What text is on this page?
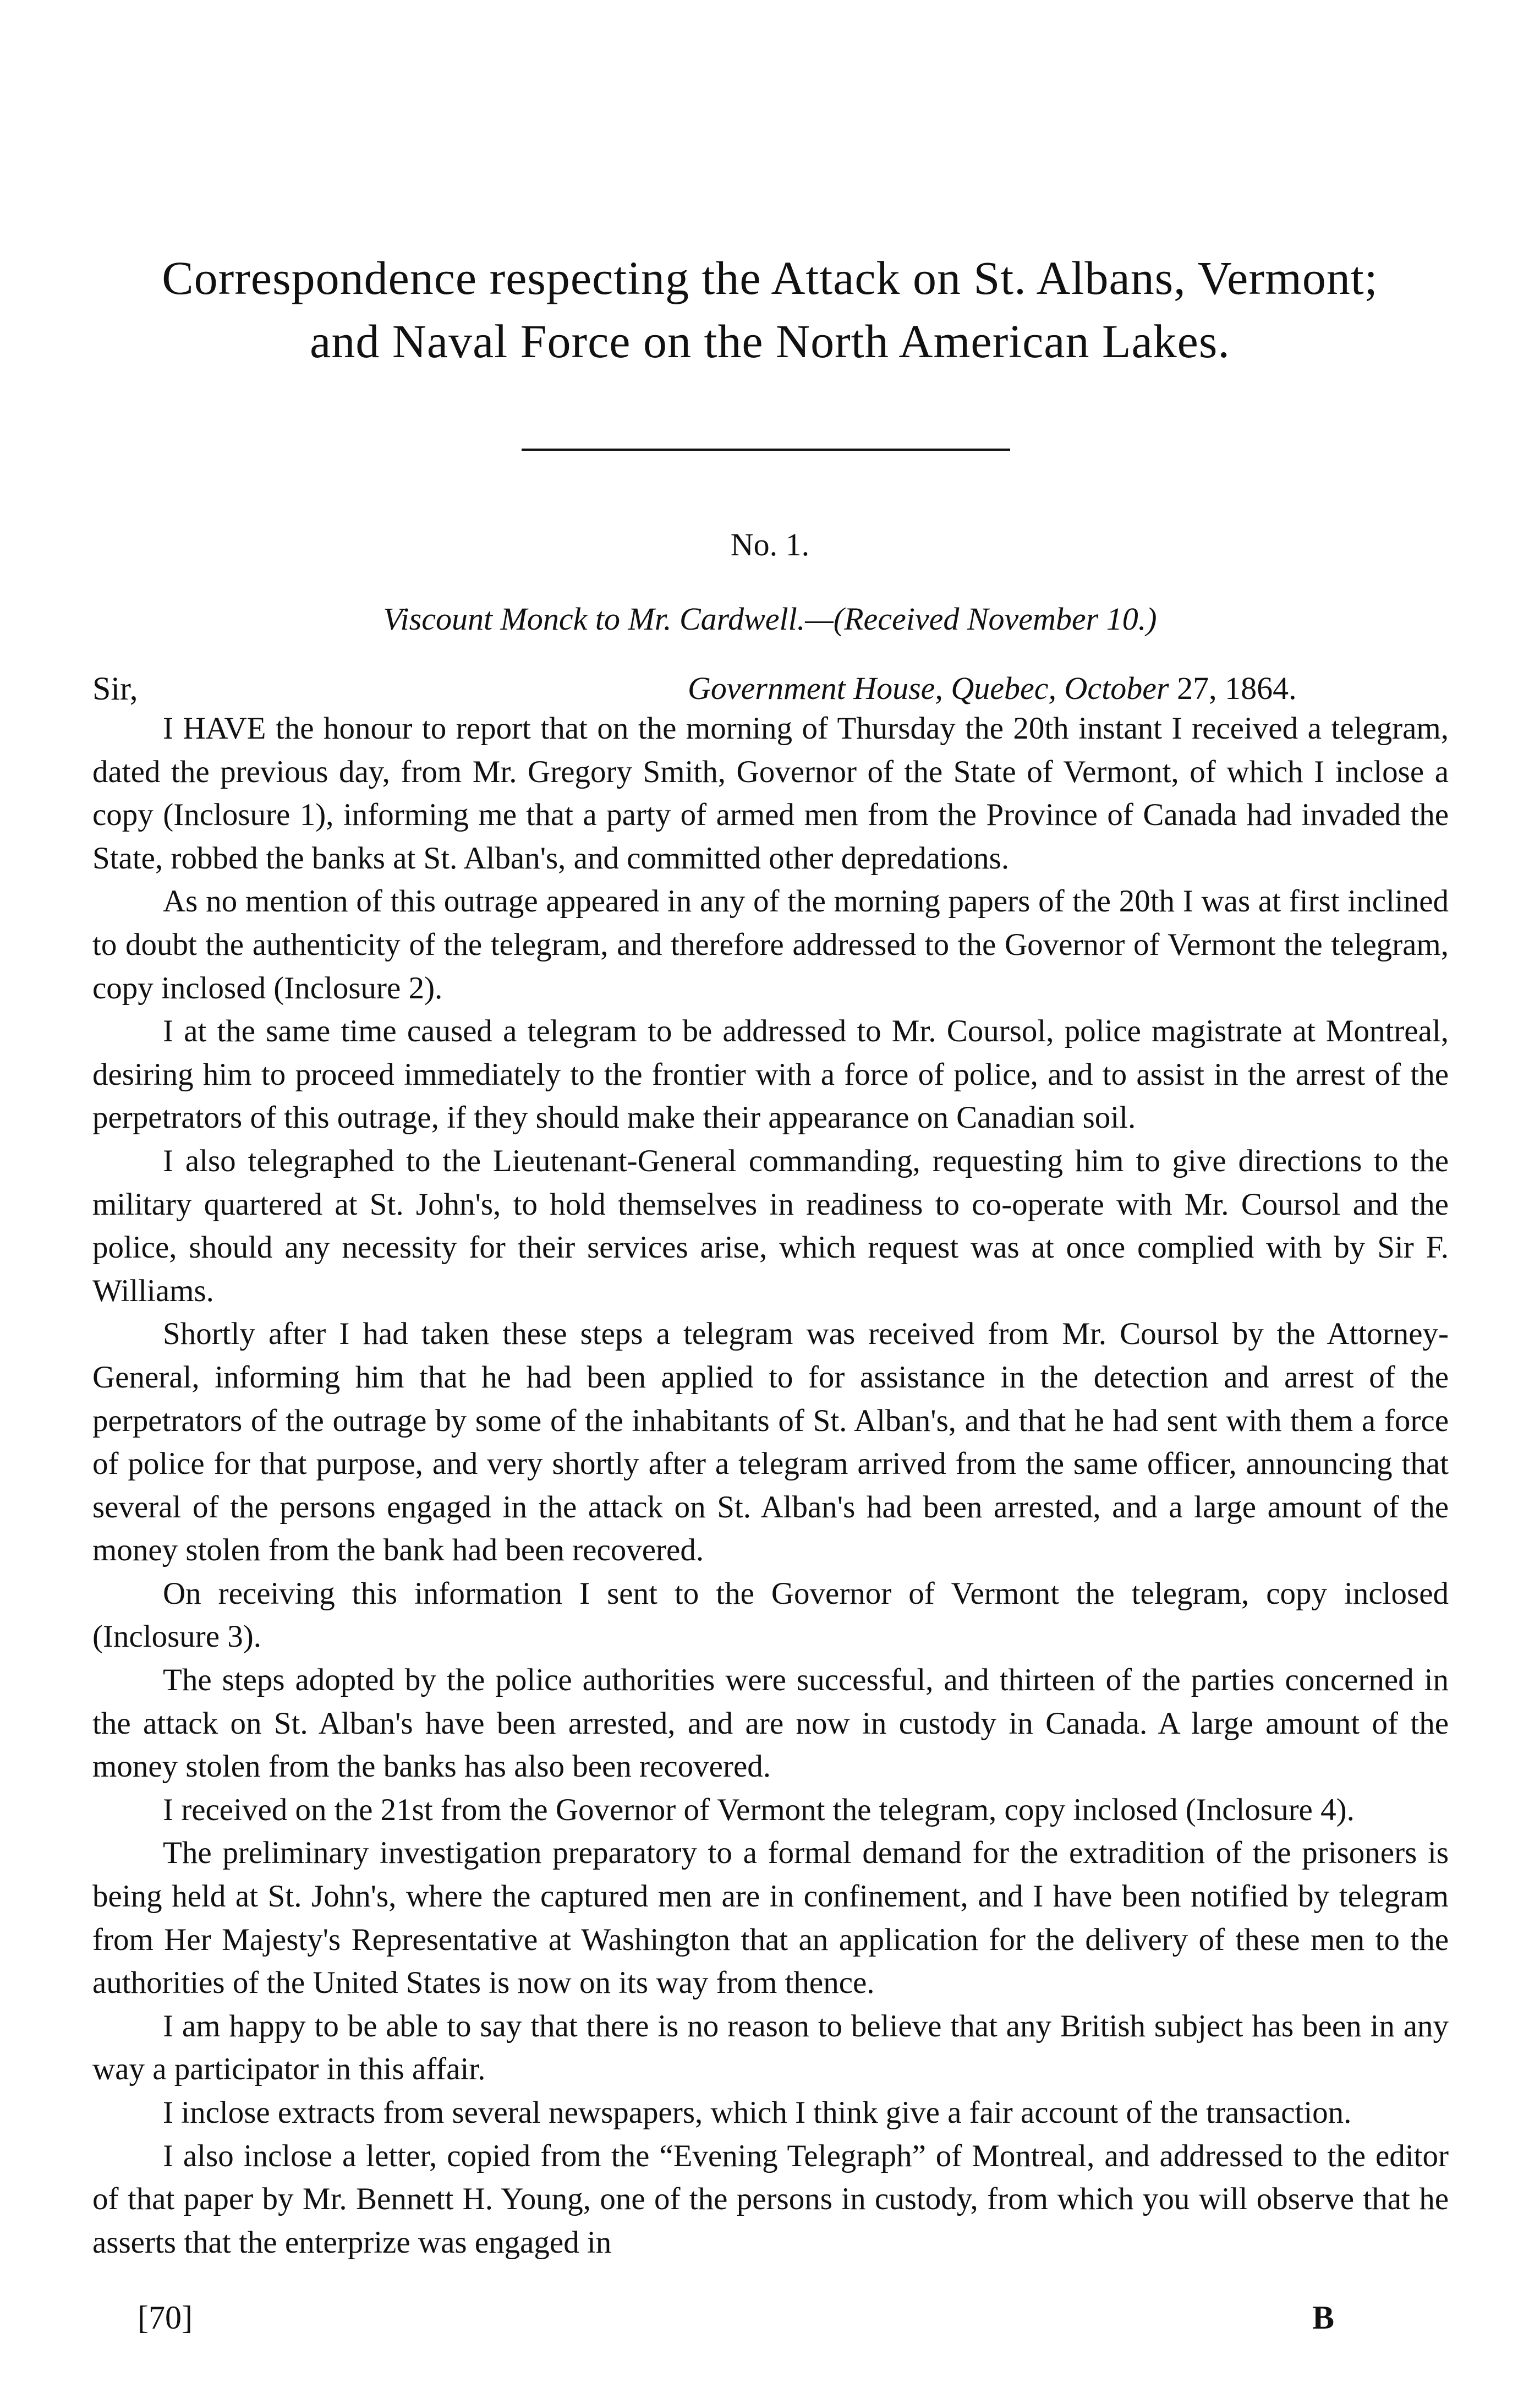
Correspondence respecting the Attack on St. Albans, Vermont;
and Naval Force on the North American Lakes.
No. 1.
Viscount Monck to Mr. Cardwell.—(Received November 10.)
Sir,	Government House, Quebec, October 27, 1864.

I HAVE the honour to report that on the morning of Thursday the 20th instant I received a telegram, dated the previous day, from Mr. Gregory Smith, Governor of the State of Vermont, of which I inclose a copy (Inclosure 1), informing me that a party of armed men from the Province of Canada had invaded the State, robbed the banks at St. Alban's, and committed other depredations.

As no mention of this outrage appeared in any of the morning papers of the 20th I was at first inclined to doubt the authenticity of the telegram, and therefore addressed to the Governor of Vermont the telegram, copy inclosed (Inclosure 2).

I at the same time caused a telegram to be addressed to Mr. Coursol, police magistrate at Montreal, desiring him to proceed immediately to the frontier with a force of police, and to assist in the arrest of the perpetrators of this outrage, if they should make their appearance on Canadian soil.

I also telegraphed to the Lieutenant-General commanding, requesting him to give directions to the military quartered at St. John's, to hold themselves in readiness to co-operate with Mr. Coursol and the police, should any necessity for their services arise, which request was at once complied with by Sir F. Williams.

Shortly after I had taken these steps a telegram was received from Mr. Coursol by the Attorney-General, informing him that he had been applied to for assistance in the detection and arrest of the perpetrators of the outrage by some of the inhabitants of St. Alban's, and that he had sent with them a force of police for that purpose, and very shortly after a telegram arrived from the same officer, announcing that several of the persons engaged in the attack on St. Alban's had been arrested, and a large amount of the money stolen from the bank had been recovered.

On receiving this information I sent to the Governor of Vermont the telegram, copy inclosed (Inclosure 3).

The steps adopted by the police authorities were successful, and thirteen of the parties concerned in the attack on St. Alban's have been arrested, and are now in custody in Canada. A large amount of the money stolen from the banks has also been recovered.

I received on the 21st from the Governor of Vermont the telegram, copy inclosed (Inclosure 4).

The preliminary investigation preparatory to a formal demand for the extradition of the prisoners is being held at St. John's, where the captured men are in confinement, and I have been notified by telegram from Her Majesty's Representative at Washington that an application for the delivery of these men to the authorities of the United States is now on its way from thence.

I am happy to be able to say that there is no reason to believe that any British subject has been in any way a participator in this affair.

I inclose extracts from several newspapers, which I think give a fair account of the transaction.

I also inclose a letter, copied from the “Evening Telegraph” of Montreal, and addressed to the editor of that paper by Mr. Bennett H. Young, one of the persons in custody, from which you will observe that he asserts that the enterprize was engaged in

[70]	B
